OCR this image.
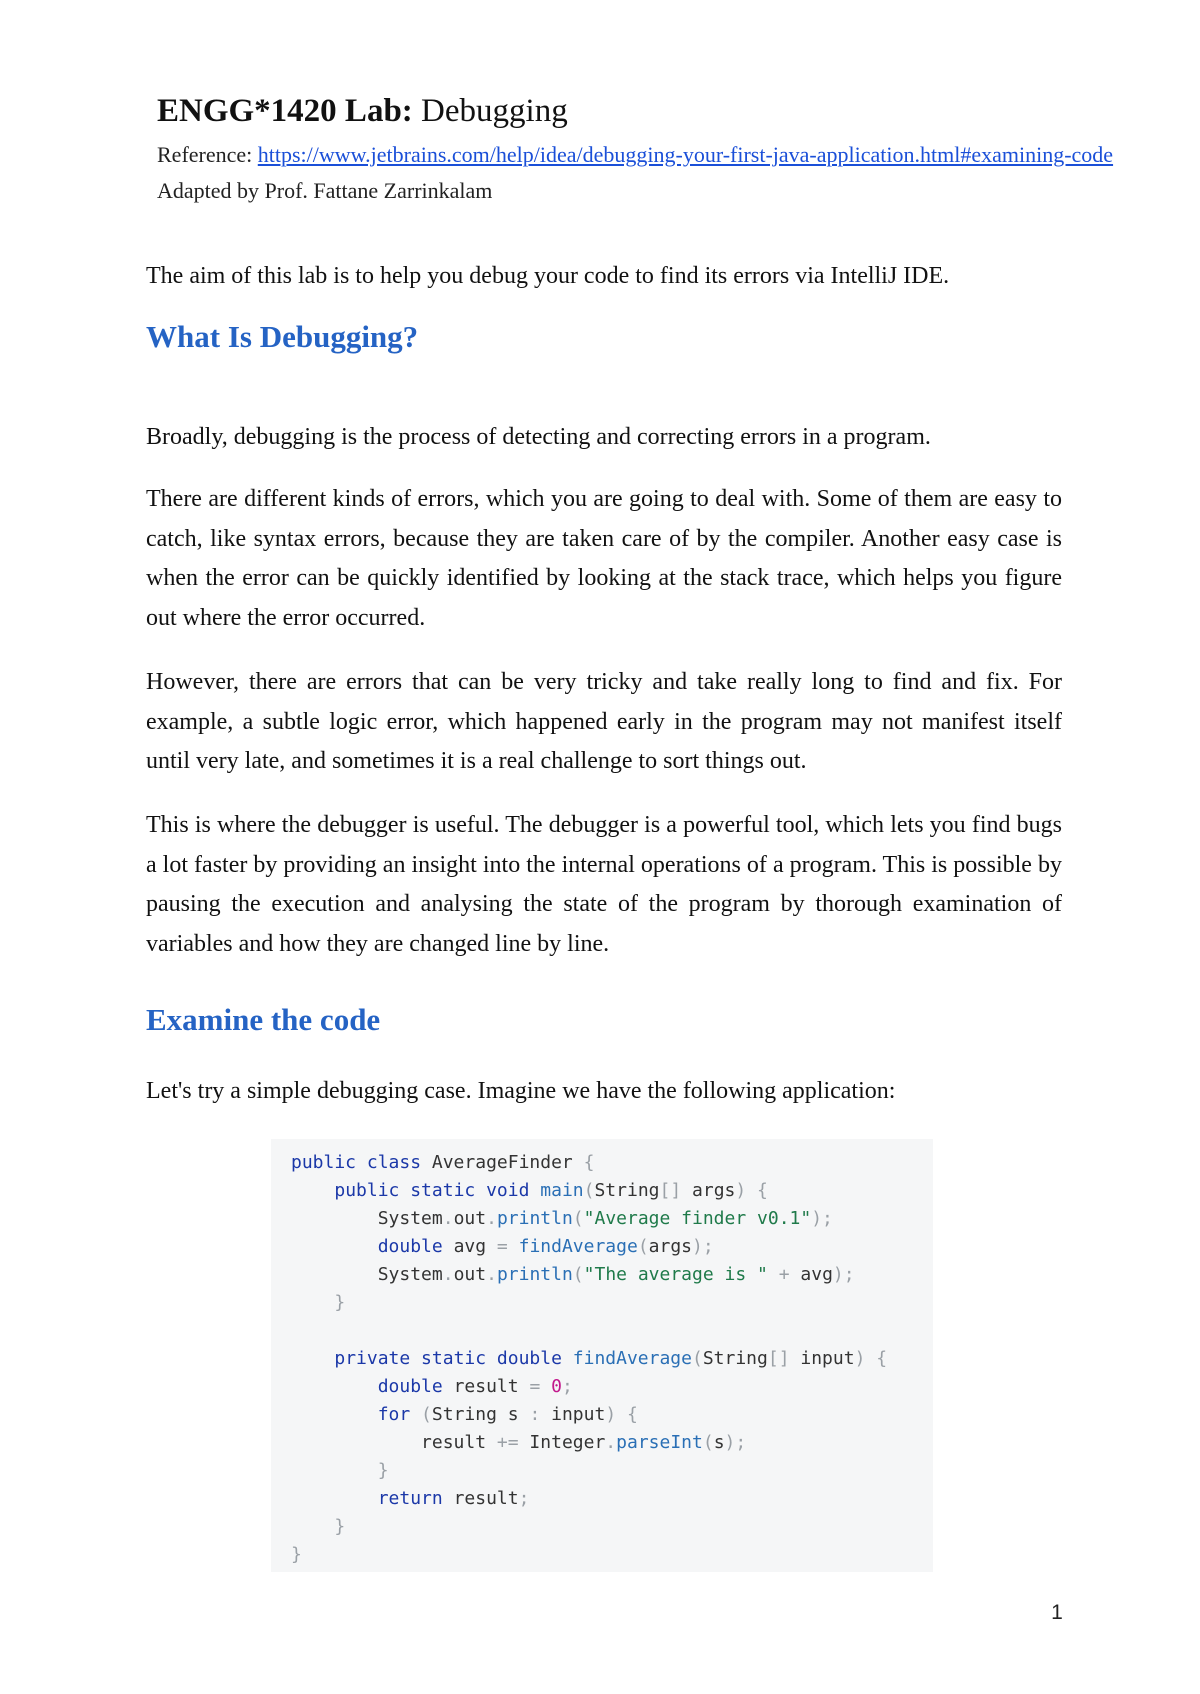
ENGG*1420 Lab: Debugging
Reference: https://www.jetbrains.com/help/idea/debugging-your-first-java-application.html#examining-code
Adapted by Prof. Fattane Zarrinkalam

The aim of this lab is to help you debug your code to find its errors via IntelliJ IDE.

What Is Debugging?

Broadly, debugging is the process of detecting and correcting errors in a program.

There are different kinds of errors, which you are going to deal with. Some of them are easy to catch, like syntax errors, because they are taken care of by the compiler. Another easy case is when the error can be quickly identified by looking at the stack trace, which helps you figure out where the error occurred.

However, there are errors that can be very tricky and take really long to find and fix. For example, a subtle logic error, which happened early in the program may not manifest itself until very late, and sometimes it is a real challenge to sort things out.

This is where the debugger is useful. The debugger is a powerful tool, which lets you find bugs a lot faster by providing an insight into the internal operations of a program. This is possible by pausing the execution and analysing the state of the program by thorough examination of variables and how they are changed line by line.

Examine the code

Let's try a simple debugging case. Imagine we have the following application:

public class AverageFinder {
public static void main(String[] args) {
System.out.println("Average finder v0.1");
double avg = findAverage(args);
System.out.println("The average is " + avg);
}
private static double findAverage(String[] input) {
double result = 0;
for (String s : input) {
result += Integer.parseInt(s);
}
return result;
}
}
1
